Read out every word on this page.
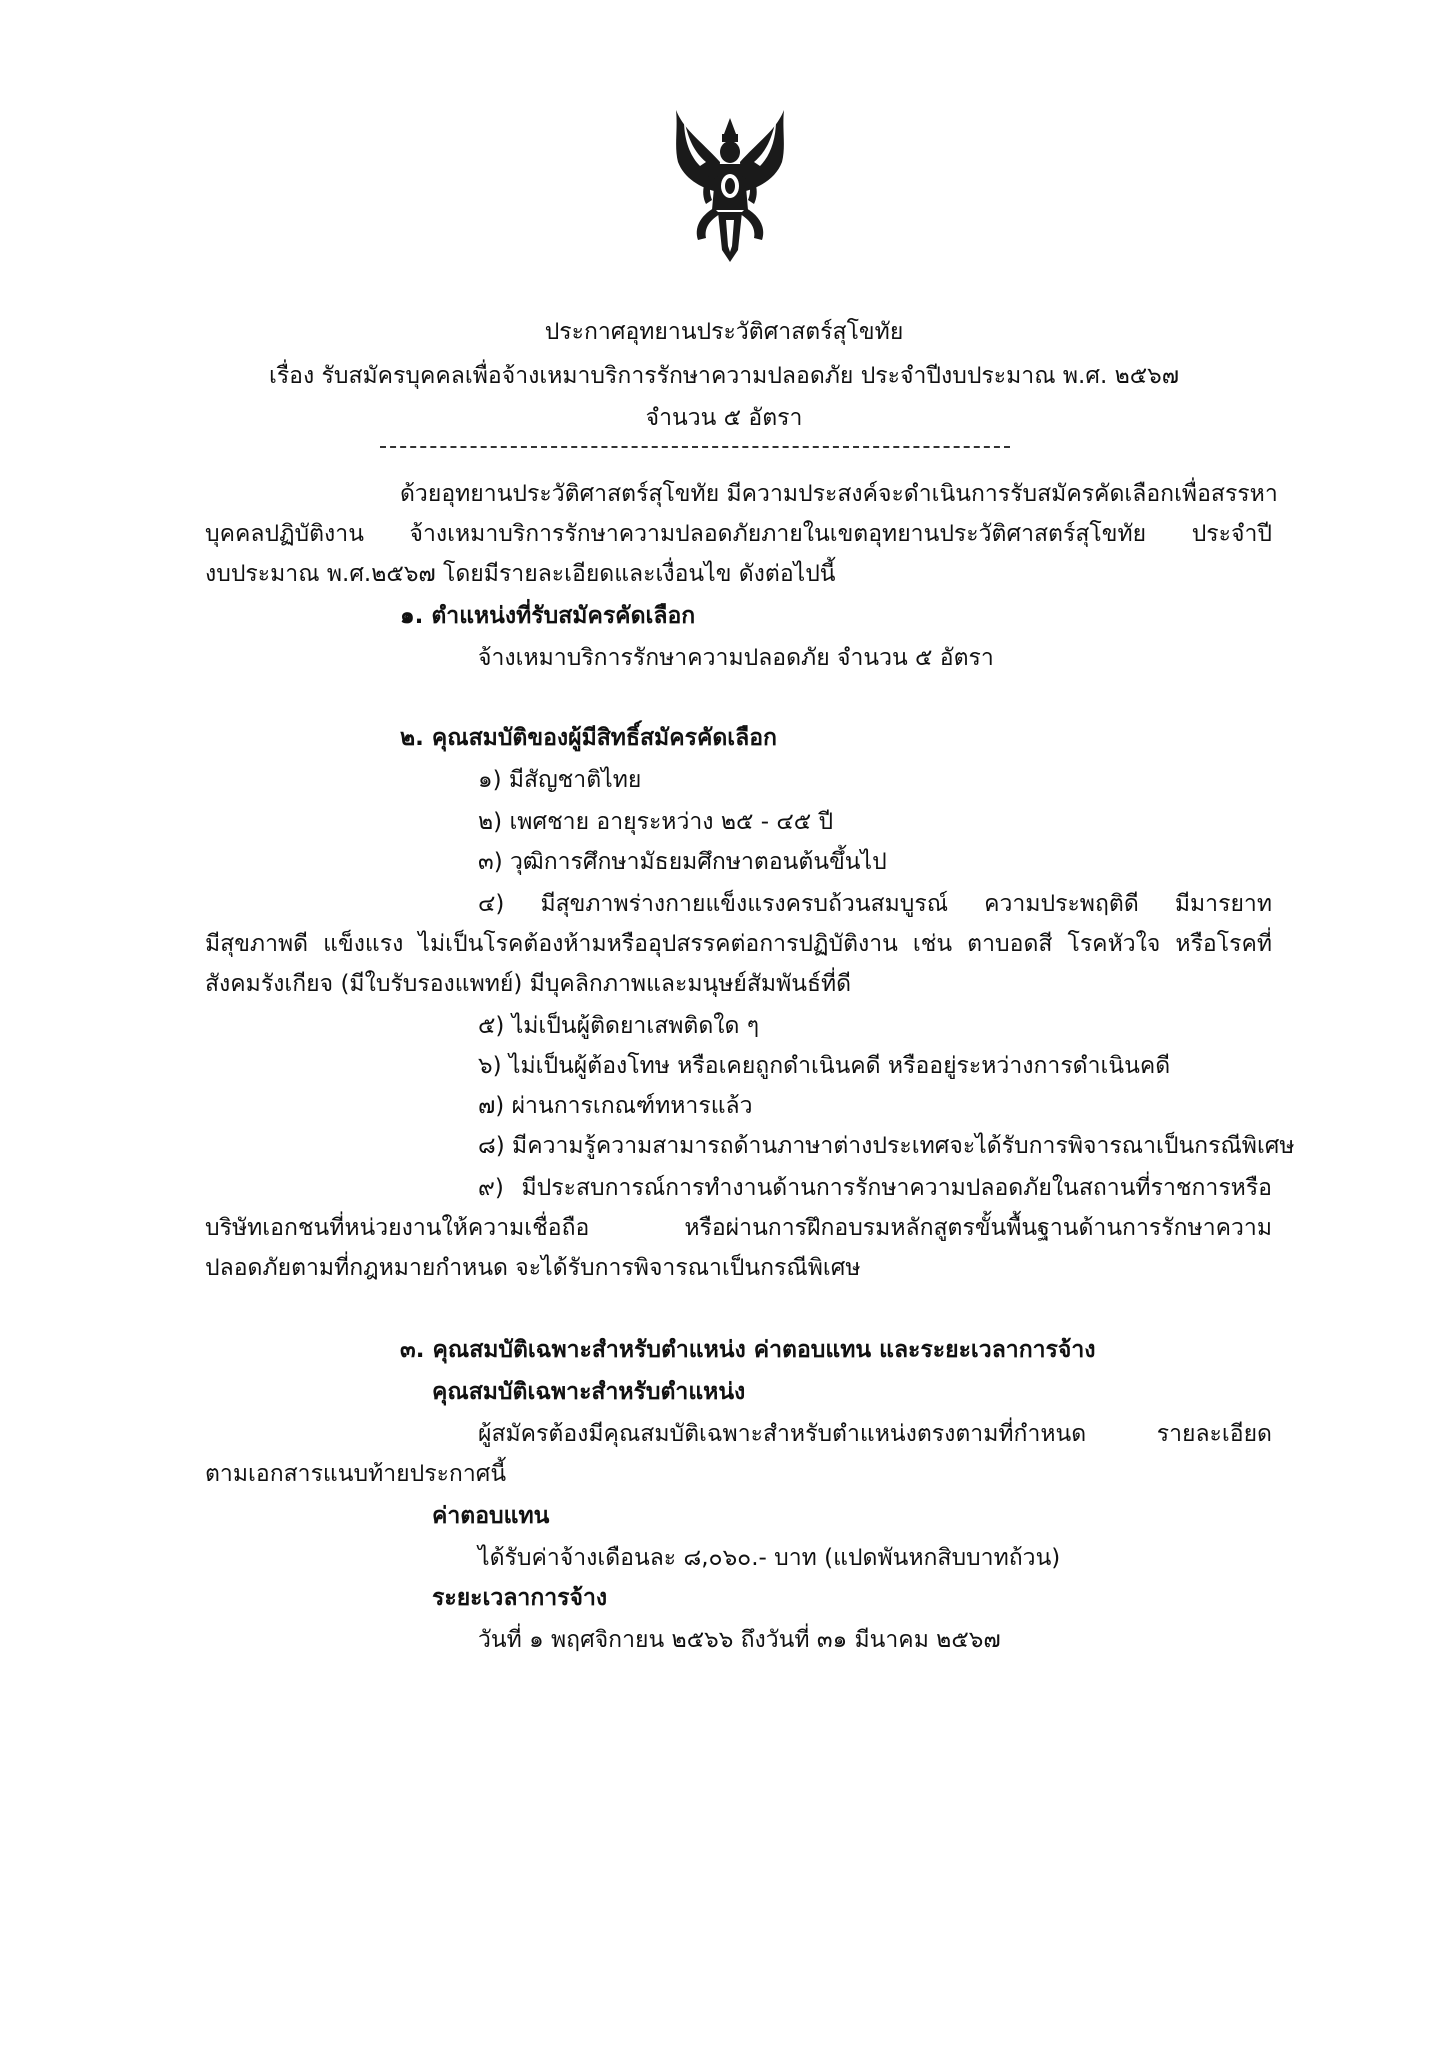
ประกาศอุทยานประวัติศาสตร์สุโขทัย
เรื่อง รับสมัครบุคคลเพื่อจ้างเหมาบริการรักษาความปลอดภัย ประจำปีงบประมาณ พ.ศ. ๒๕๖๗
จำนวน ๕ อัตรา
ด้วยอุทยานประวัติศาสตร์สุโขทัย มีความประสงค์จะดำเนินการรับสมัครคัดเลือกเพื่อสรรหา
บุคคลปฏิบัติงาน จ้างเหมาบริการรักษาความปลอดภัยภายในเขตอุทยานประวัติศาสตร์สุโขทัย ประจำปี
งบประมาณ พ.ศ.๒๕๖๗ โดยมีรายละเอียดและเงื่อนไข ดังต่อไปนี้
๑. ตำแหน่งที่รับสมัครคัดเลือก
จ้างเหมาบริการรักษาความปลอดภัย จำนวน ๕ อัตรา
๒. คุณสมบัติของผู้มีสิทธิ์สมัครคัดเลือก
๑) มีสัญชาติไทย
๒) เพศชาย อายุระหว่าง ๒๕ - ๔๕ ปี
๓) วุฒิการศึกษามัธยมศึกษาตอนต้นขึ้นไป
๔) มีสุขภาพร่างกายแข็งแรงครบถ้วนสมบูรณ์ ความประพฤติดี มีมารยาท
มีสุขภาพดี แข็งแรง ไม่เป็นโรคต้องห้ามหรืออุปสรรคต่อการปฏิบัติงาน เช่น ตาบอดสี โรคหัวใจ หรือโรคที่
สังคมรังเกียจ (มีใบรับรองแพทย์) มีบุคลิกภาพและมนุษย์สัมพันธ์ที่ดี
๕) ไม่เป็นผู้ติดยาเสพติดใด ๆ
๖) ไม่เป็นผู้ต้องโทษ หรือเคยถูกดำเนินคดี หรืออยู่ระหว่างการดำเนินคดี
๗) ผ่านการเกณฑ์ทหารแล้ว
๘) มีความรู้ความสามารถด้านภาษาต่างประเทศจะได้รับการพิจารณาเป็นกรณีพิเศษ
๙) มีประสบการณ์การทำงานด้านการรักษาความปลอดภัยในสถานที่ราชการหรือ
บริษัทเอกชนที่หน่วยงานให้ความเชื่อถือ หรือผ่านการฝึกอบรมหลักสูตรขั้นพื้นฐานด้านการรักษาความ
ปลอดภัยตามที่กฎหมายกำหนด จะได้รับการพิจารณาเป็นกรณีพิเศษ
๓. คุณสมบัติเฉพาะสำหรับตำแหน่ง ค่าตอบแทน และระยะเวลาการจ้าง
คุณสมบัติเฉพาะสำหรับตำแหน่ง
ผู้สมัครต้องมีคุณสมบัติเฉพาะสำหรับตำแหน่งตรงตามที่กำหนด รายละเอียด
ตามเอกสารแนบท้ายประกาศนี้
ค่าตอบแทน
ได้รับค่าจ้างเดือนละ ๘,๐๖๐.- บาท (แปดพันหกสิบบาทถ้วน)
ระยะเวลาการจ้าง
วันที่ ๑ พฤศจิกายน ๒๕๖๖ ถึงวันที่ ๓๑ มีนาคม ๒๕๖๗
